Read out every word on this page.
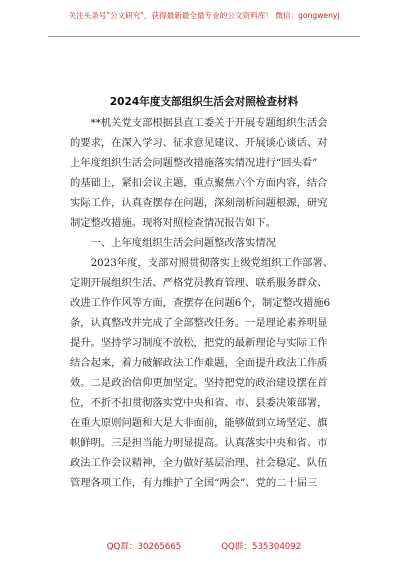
关注头条号"公文研究"，获得最新最全最专业的公文资料库！ 微信：gongwenyj
2024年度支部组织生活会对照检查材料
　　**机关党支部根据县直工委关于开展专题组织生活会
的要求，在深入学习、征求意见建议、开展谈心谈话、对
上年度组织生活会问题整改措施落实情况进行“回头看”
的基础上，紧扣会议主题，重点聚焦六个方面内容，结合
实际工作，认真查摆存在问题，深刻剖析问题根源，研究
制定整改措施。现将对照检查情况报告如下。
　　一、上年度组织生活会问题整改落实情况
　　2023年度，支部对照贯彻落实上级党组织工作部署、
定期开展组织生活、严格党员教育管理、联系服务群众、
改进工作作风等方面，查摆存在问题6个，制定整改措施6
条，认真整改并完成了全部整改任务。一是理论素养明显
提升。坚持学习制度不放松，把党的最新理论与实际工作
结合起来，着力破解政法工作难题，全面提升政法工作质
效。二是政治信仰更加坚定。坚持把党的政治建设摆在首
位，不折不扣贯彻落实党中央和省、市、县委决策部署，
在重大原则问题和大是大非面前，能够做到立场坚定、旗
帜鲜明。三是担当能力明显提高。认真落实中央和省、市
政法工作会议精神，全力做好基层治理、社会稳定、队伍
管理各项工作，有力维护了全国“两会”、党的二十届三
QQ群：30265665	QQ群：535304092
